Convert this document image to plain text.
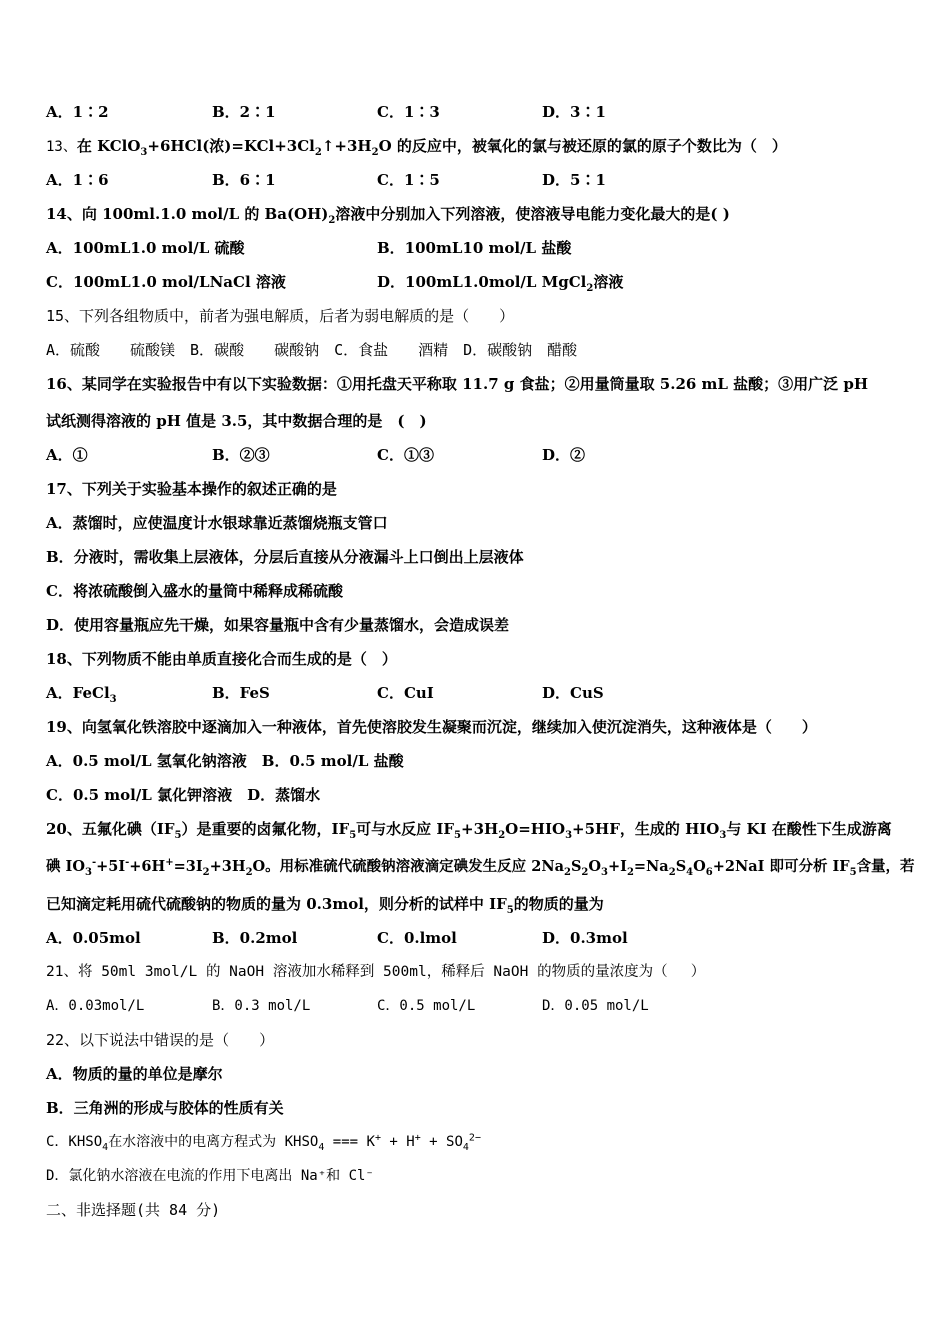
A．1∶2	B．2∶1	C．1∶3	D．3∶1
13、在 KClO$_3$+6HCl(浓)$=KCl+3Cl_2↑+3H_2O$ 的反应中，被氧化的氯与被还原的氯的原子个数比为（　）
A．1∶6	B．6∶1	C．1∶5	D．5∶1
14、向 100ml.1.0 mol/L 的 $Ba(OH)_2$溶液中分别加入下列溶液，使溶液导电能力变化最大的是( )
A．100mL1.0 mol/L 硫酸	B．100mL10 mol/L 盐酸
C．100mL1.0 mol/LNaCl 溶液	D．100mL1.0mol/L MgCl$_2$溶液
15、下列各组物质中，前者为强电解质，后者为弱电解质的是（　　）
A．硫酸　　硫酸镁　B．碳酸　　碳酸钠　C．食盐　　酒精　D．碳酸钠　醋酸
16、某同学在实验报告中有以下实验数据：①用托盘天平称取 11.7 g 食盐；②用量筒量取 5.26 mL 盐酸；③用广泛 pH
试纸测得溶液的 pH 值是 3.5，其中数据合理的是　(　)
A．①	B．②③	C．①③	D．②
17、下列关于实验基本操作的叙述正确的是
A．蒸馏时，应使温度计水银球靠近蒸馏烧瓶支管口
B．分液时，需收集上层液体，分层后直接从分液漏斗上口倒出上层液体
C．将浓硫酸倒入盛水的量筒中稀释成稀硫酸
D．使用容量瓶应先干燥，如果容量瓶中含有少量蒸馏水，会造成误差
18、下列物质不能由单质直接化合而生成的是（　）
A．FeCl$_3$	B．FeS	C．CuI	D．CuS
19、向氢氧化铁溶胶中逐滴加入一种液体，首先使溶胶发生凝聚而沉淀，继续加入使沉淀消失，这种液体是（　　）
A．0.5 mol/L 氢氧化钠溶液　B．0.5 mol/L 盐酸
C．0.5 mol/L 氯化钾溶液　D．蒸馏水
20、五氟化碘$(IF_5)$是重要的卤氟化物，$IF_5$可与水反应 $IF_5+3H_2O=HIO_3+5HF$，生成的 $HIO_3$与 KI 在酸性下生成游离
碘 $IO_3^-+5I^-+6H^+=3I_2+3H_2O$。用标准硫代硫酸钠溶液滴定碘发生反应 $2Na_2S_2O_3+I_2=Na_2S_4O_6+2NaI$ 即可分析 $IF_5$含量，若
已知滴定耗用硫代硫酸钠的物质的量为 0.3mol，则分析的试样中 $IF_5$的物质的量为
A．0.05mol	B．0.2mol	C．0.lmol	D．0.3mol
21、将 50ml 3mol/L 的 NaOH 溶液加水稀释到 500ml，稀释后 NaOH 的物质的量浓度为（　 ）
A．0.03mol/L	B．0.3 mol/L	C．0.5 mol/L	D．0.05 mol/L
22、以下说法中错误的是（　　）
A．物质的量的单位是摩尔
B．三角洲的形成与胶体的性质有关
C．$KHSO_4$在水溶液中的电离方程式为 $KHSO_4$ === $K^+ + H^+ + SO_4^{2-}$
D．氯化钠水溶液在电流的作用下电离出 Na⁺和 Cl⁻
二、非选择题(共 84 分)
